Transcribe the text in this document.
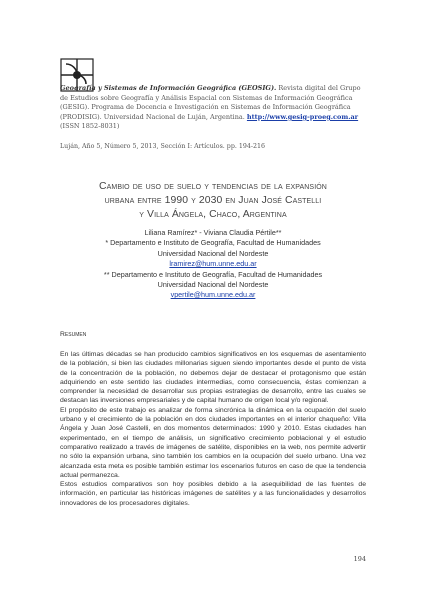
Geografía y Sistemas de Información Geográfica (GEOSIG). Revista digital del Grupo de Estudios sobre Geografía y Análisis Espacial con Sistemas de Información Geográfica (GESIG). Programa de Docencia e Investigación en Sistemas de Información Geográfica (PRODISIG). Universidad Nacional de Luján, Argentina. http://www.gesig-proeg.com.ar (ISSN 1852-8031)
Luján, Año 5, Número 5, 2013, Sección I: Artículos. pp. 194-216
Cambio de uso de suelo y tendencias de la expansión
urbana entre 1990 y 2030 en Juan José Castelli
y Villa Ángela, Chaco, Argentina
Liliana Ramírez* - Viviana Claudia Pértile**
* Departamento e Instituto de Geografía, Facultad de Humanidades
Universidad Nacional del Nordeste
lramirez@hum.unne.edu.ar
** Departamento e Instituto de Geografía, Facultad de Humanidades
Universidad Nacional del Nordeste
vpertile@hum.unne.edu.ar
Resumen

En las últimas décadas se han producido cambios significativos en los esquemas de asentamiento de la población, si bien las ciudades millonarias siguen siendo importantes desde el punto de vista de la concentración de la población, no debemos dejar de destacar el protagonismo que están adquiriendo en este sentido las ciudades intermedias, como consecuencia, éstas comienzan a comprender la necesidad de desarrollar sus propias estrategias de desarrollo, entre las cuales se destacan las inversiones empresariales y de capital humano de origen local y/o regional.

El propósito de este trabajo es analizar de forma sincrónica la dinámica en la ocupación del suelo urbano y el crecimiento de la población en dos ciudades importantes en el interior chaqueño: Villa Ángela y Juan José Castelli, en dos momentos determinados: 1990 y 2010. Estas ciudades han experimentado, en el tiempo de análisis, un significativo crecimiento poblacional y el estudio comparativo realizado a través de imágenes de satélite, disponibles en la web, nos permite advertir no sólo la expansión urbana, sino también los cambios en la ocupación del suelo urbano. Una vez alcanzada esta meta es posible también estimar los escenarios futuros en caso de que la tendencia actual permanezca.

Estos estudios comparativos son hoy posibles debido a la asequibilidad de las fuentes de información, en particular las históricas imágenes de satélites y a las funcionalidades y desarrollos innovadores de los procesadores digitales.

194
